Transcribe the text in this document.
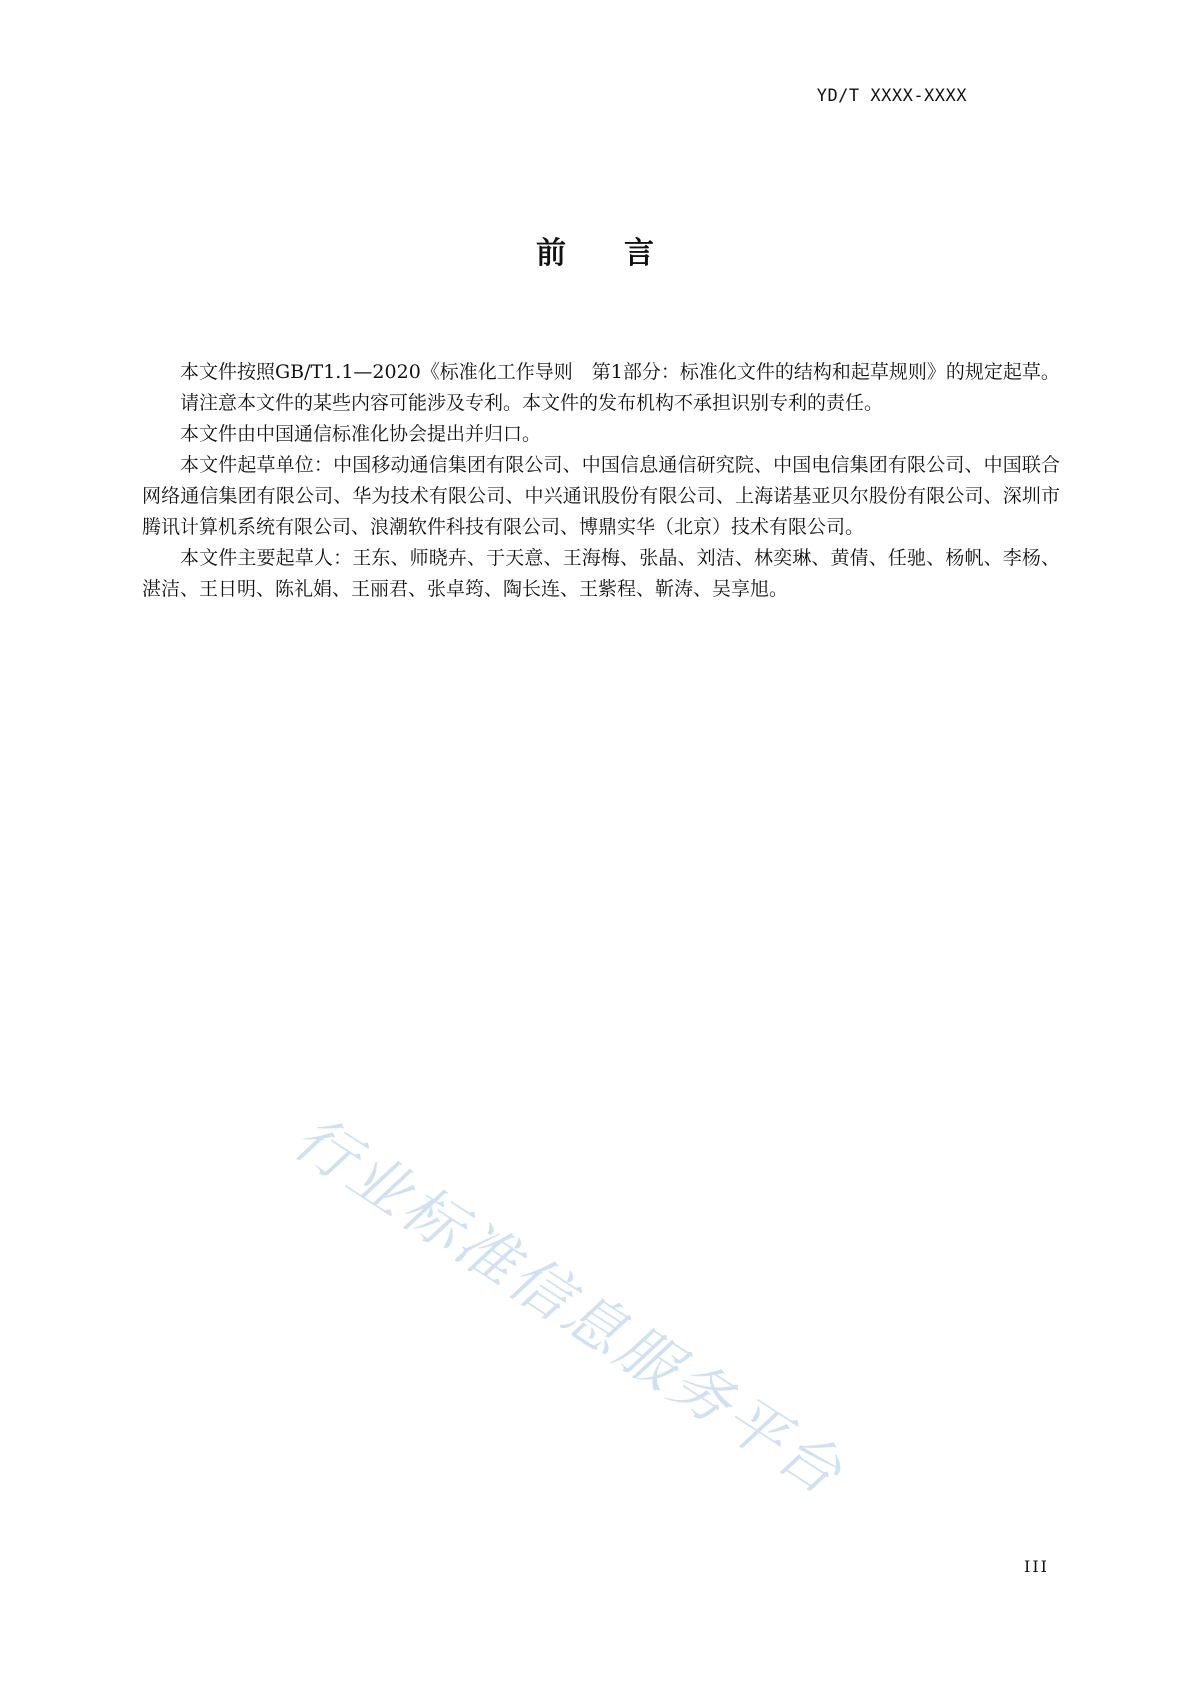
YD/T XXXX-XXXX
前言

本文件按照GB/T1.1—2020《标准化工作导则　第1部分：标准化文件的结构和起草规则》的规定起草。

请注意本文件的某些内容可能涉及专利。本文件的发布机构不承担识别专利的责任。

本文件由中国通信标准化协会提出并归口。

本文件起草单位：中国移动通信集团有限公司、中国信息通信研究院、中国电信集团有限公司、中国联合网络通信集团有限公司、华为技术有限公司、中兴通讯股份有限公司、上海诺基亚贝尔股份有限公司、深圳市腾讯计算机系统有限公司、浪潮软件科技有限公司、博鼎实华（北京）技术有限公司。

本文件主要起草人：王东、师晓卉、于天意、王海梅、张晶、刘洁、林奕琳、黄倩、任驰、杨帆、李杨、湛洁、王日明、陈礼娟、王丽君、张卓筠、陶长连、王紫程、靳涛、吴享旭。

行业标准信息服务平台
III
